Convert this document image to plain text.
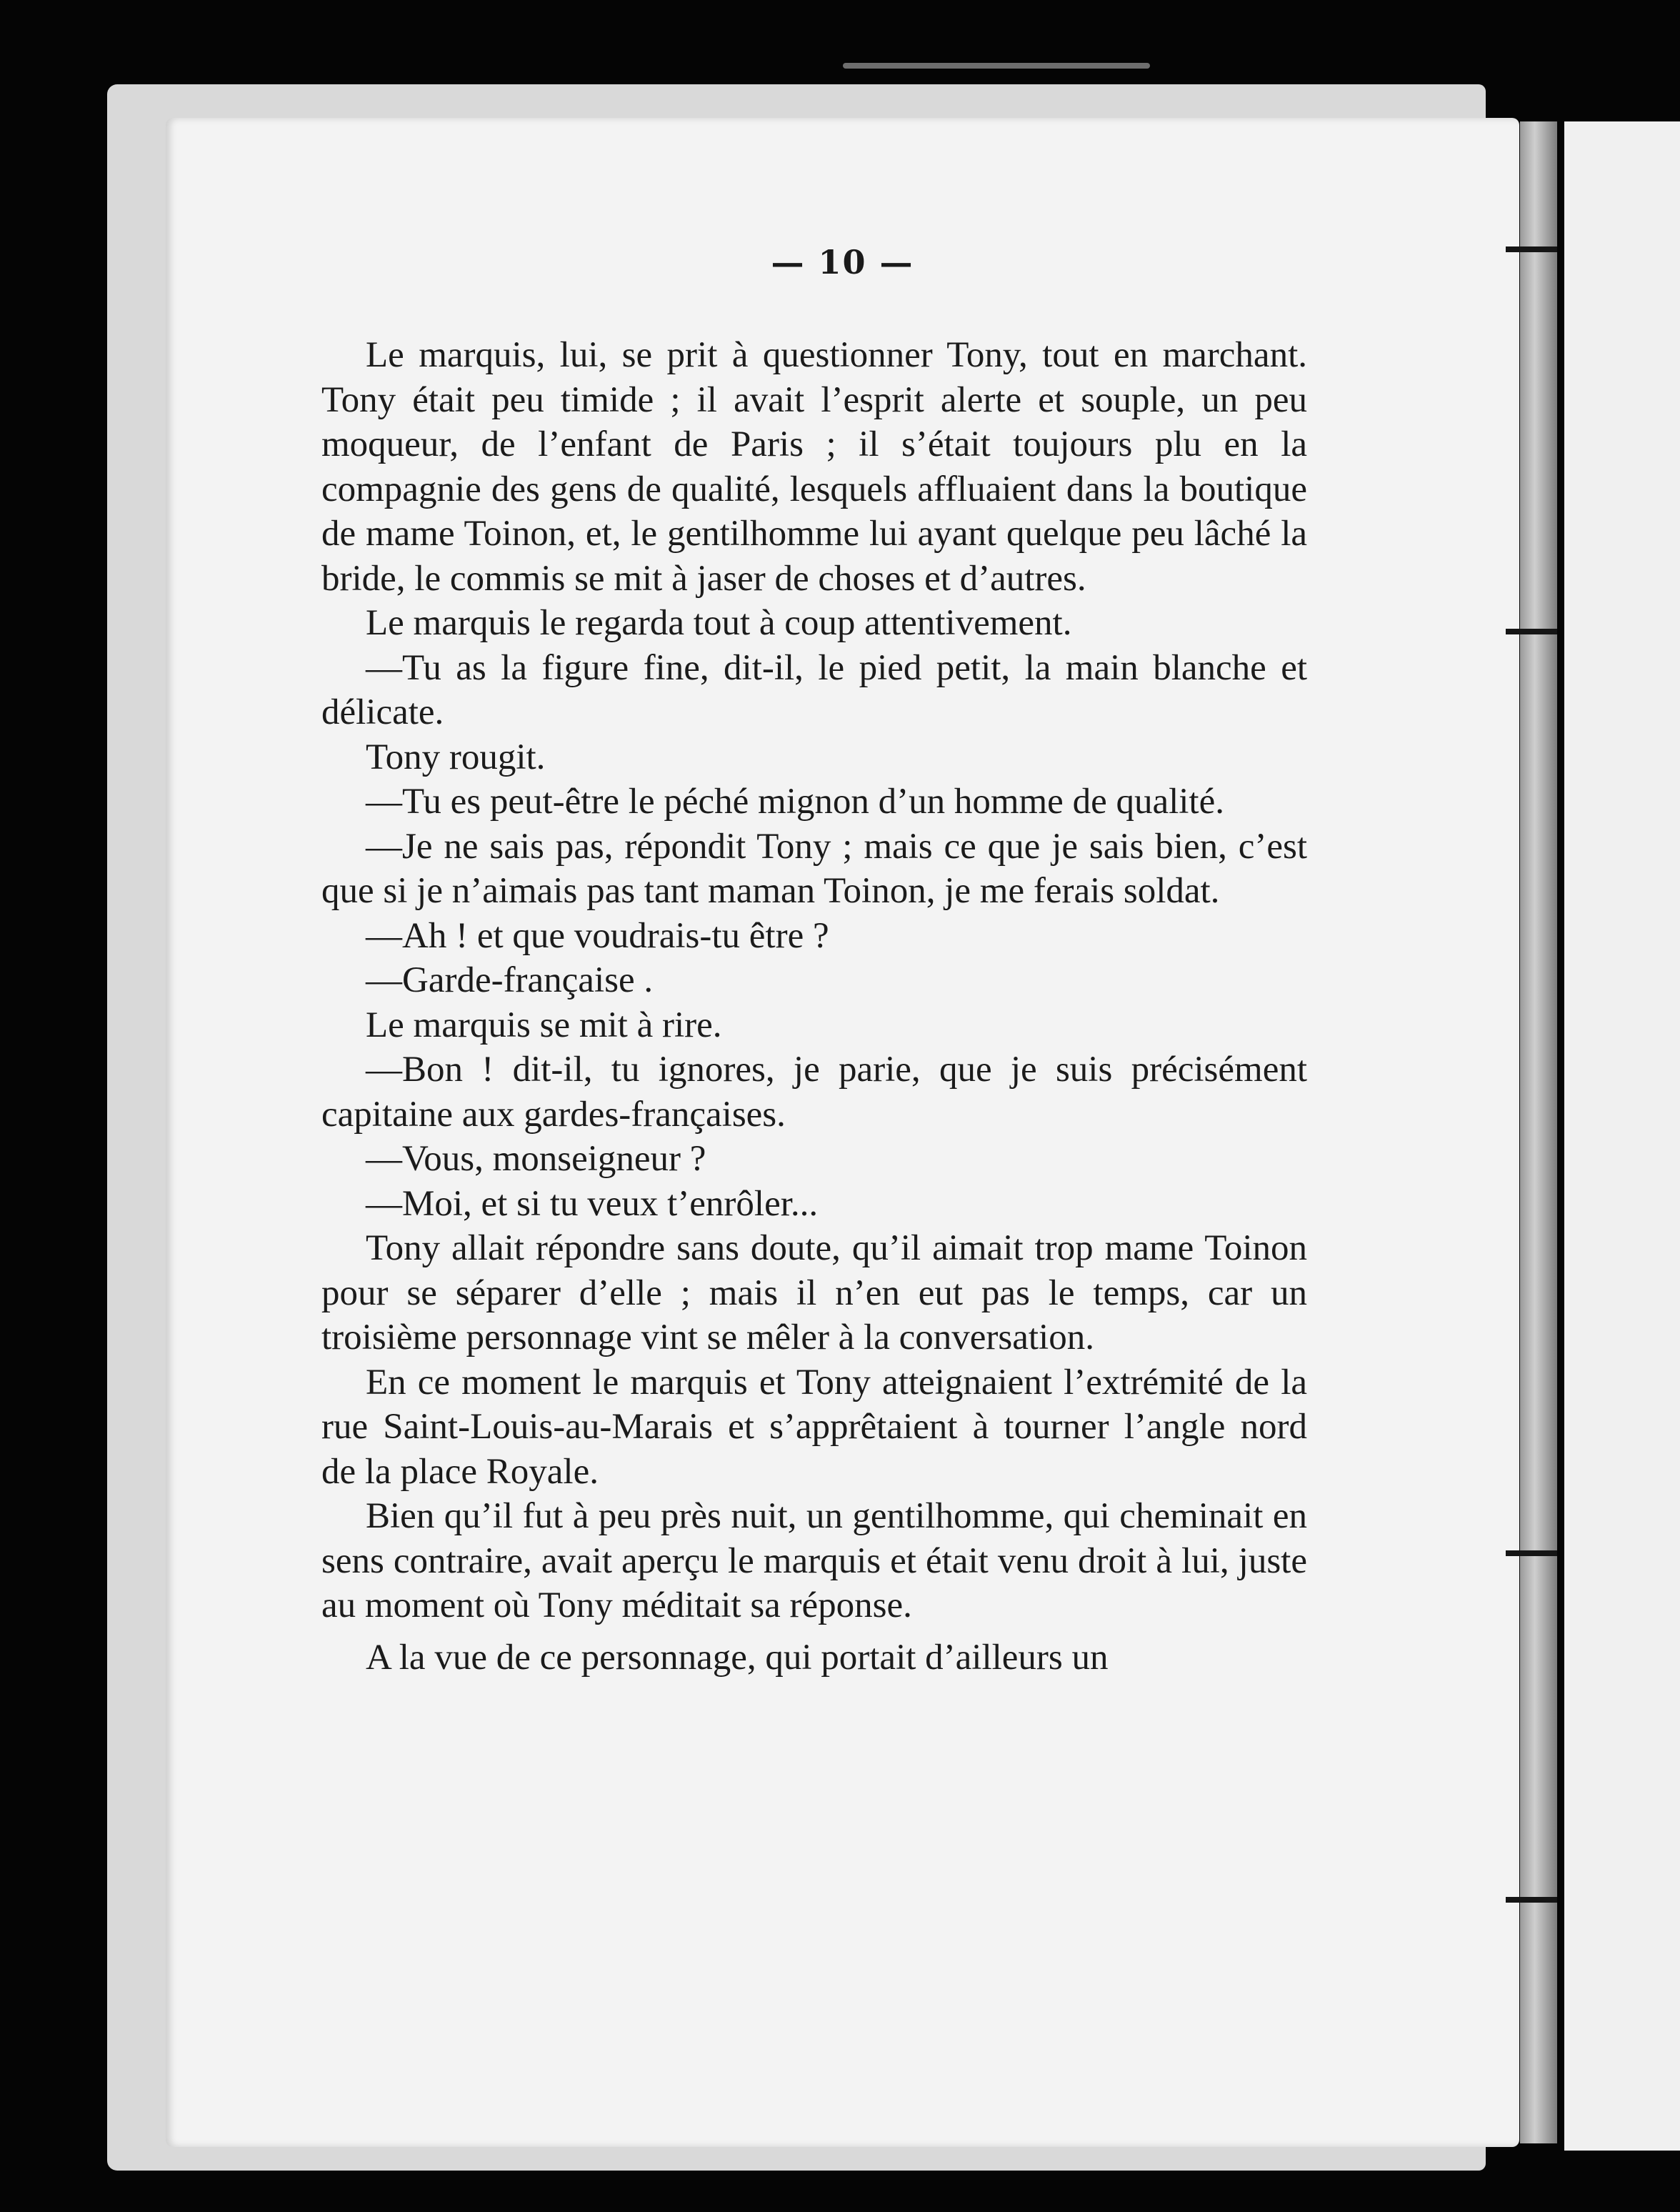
— 10 —

Le marquis, lui, se prit à questionner Tony, tout en marchant. Tony était peu timide ; il avait l’esprit alerte et souple, un peu moqueur, de l’enfant de Paris ; il s’était toujours plu en la compagnie des gens de qualité, lesquels affluaient dans la boutique de mame Toinon, et, le gentilhomme lui ayant quelque peu lâché la bride, le commis se mit à jaser de choses et d’autres.

Le marquis le regarda tout à coup attentivement.

—Tu as la figure fine, dit-il, le pied petit, la main blanche et délicate.

Tony rougit.

—Tu es peut-être le péché mignon d’un homme de qualité.

—Je ne sais pas, répondit Tony ; mais ce que je sais bien, c’est que si je n’aimais pas tant maman Toinon, je me ferais soldat.

—Ah ! et que voudrais-tu être ?

—Garde-française .

Le marquis se mit à rire.

—Bon ! dit-il, tu ignores, je parie, que je suis précisément capitaine aux gardes-françaises.

—Vous, monseigneur ?

—Moi, et si tu veux t’enrôler...

Tony allait répondre sans doute, qu’il aimait trop mame Toinon pour se séparer d’elle ; mais il n’en eut pas le temps, car un troisième personnage vint se mêler à la conversation.

En ce moment le marquis et Tony atteignaient l’extrémité de la rue Saint-Louis-au-Marais et s’apprêtaient à tourner l’angle nord de la place Royale.

Bien qu’il fut à peu près nuit, un gentilhomme, qui cheminait en sens contraire, avait aperçu le marquis et était venu droit à lui, juste au moment où Tony méditait sa réponse.

A la vue de ce personnage, qui portait d’ailleurs un
